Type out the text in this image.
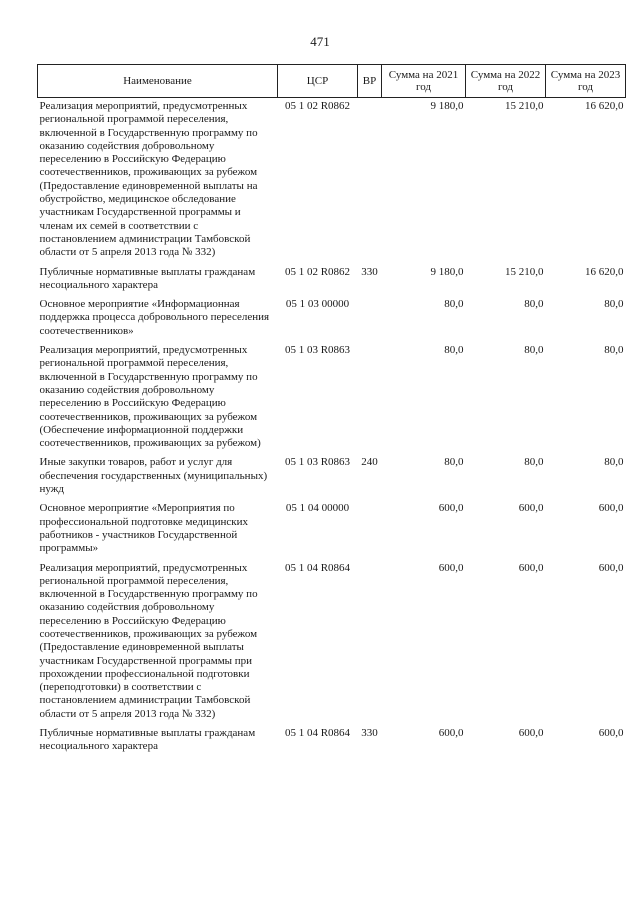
471
Наименование	ЦСР	ВР	Сумма на 2021 год	Сумма на 2022 год	Сумма на 2023 год
Реализация мероприятий, предусмотренных региональной программой переселения, включенной в Государственную программу по оказанию содействия добровольному переселению в Российскую Федерацию соотечественников, проживающих за рубежом (Предоставление единовременной выплаты на обустройство, медицинское обследование участникам Государственной программы и членам их семей в соответствии с постановлением администрации Тамбовской области от 5 апреля 2013 года № 332)	05 1 02 R0862		9 180,0	15 210,0	16 620,0
Публичные нормативные выплаты гражданам несоциального характера	05 1 02 R0862	330	9 180,0	15 210,0	16 620,0
Основное мероприятие «Информационная поддержка процесса добровольного переселения соотечественников»	05 1 03 00000		80,0	80,0	80,0
Реализация мероприятий, предусмотренных региональной программой переселения, включенной в Государственную программу по оказанию содействия добровольному переселению в Российскую Федерацию соотечественников, проживающих за рубежом (Обеспечение информационной поддержки соотечественников, проживающих за рубежом)	05 1 03 R0863		80,0	80,0	80,0
Иные закупки товаров, работ и услуг для обеспечения государственных (муниципальных) нужд	05 1 03 R0863	240	80,0	80,0	80,0
Основное мероприятие «Мероприятия по профессиональной подготовке медицинских работников - участников Государственной программы»	05 1 04 00000		600,0	600,0	600,0
Реализация мероприятий, предусмотренных региональной программой переселения, включенной в Государственную программу по оказанию содействия добровольному переселению в Российскую Федерацию соотечественников, проживающих за рубежом (Предоставление единовременной выплаты участникам Государственной программы при прохождении профессиональной подготовки (переподготовки) в соответствии с постановлением администрации Тамбовской области от 5 апреля 2013 года № 332)	05 1 04 R0864		600,0	600,0	600,0
Публичные нормативные выплаты гражданам несоциального характера	05 1 04 R0864	330	600,0	600,0	600,0
